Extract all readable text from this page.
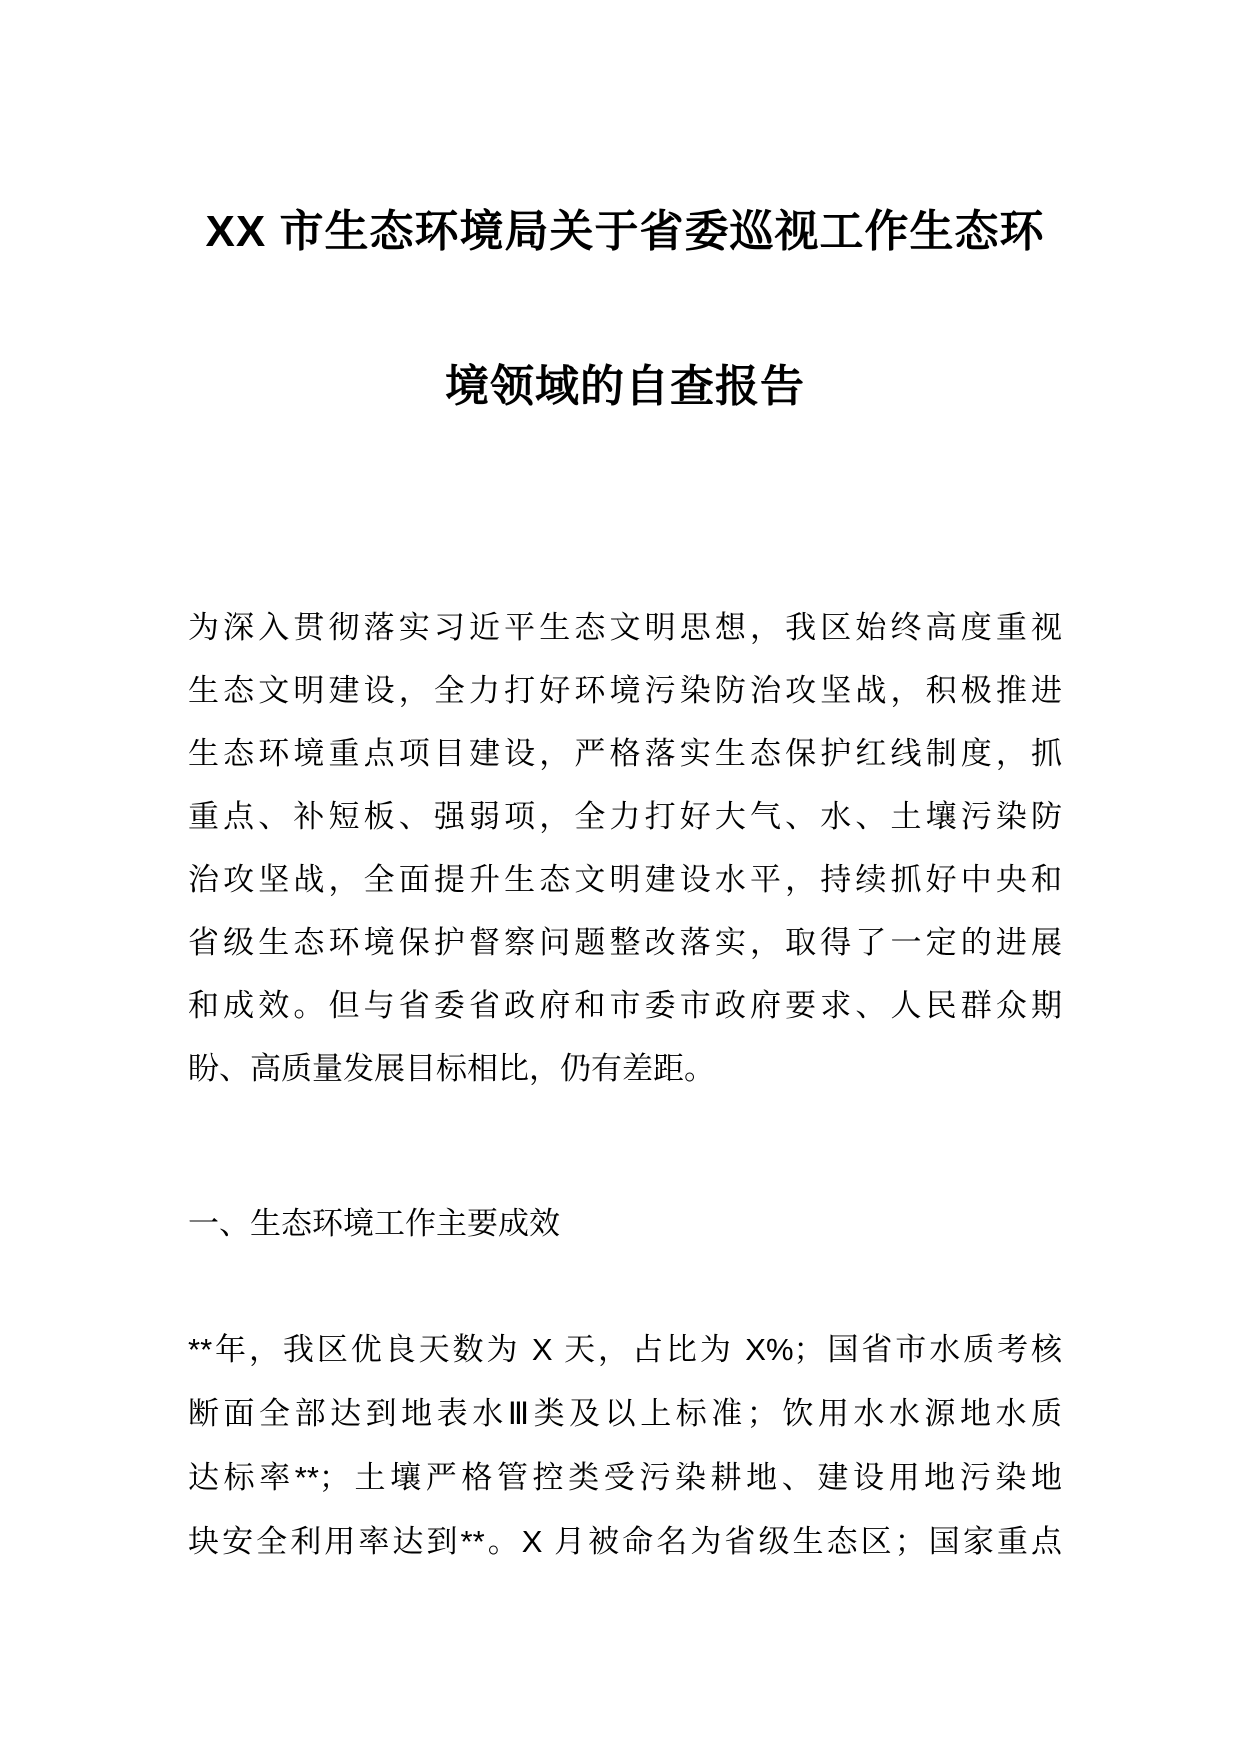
XX 市生态环境局关于省委巡视工作生态环
境领域的自查报告
为深入贯彻落实习近平生态文明思想，我区始终高度重视
生态文明建设，全力打好环境污染防治攻坚战，积极推进
生态环境重点项目建设，严格落实生态保护红线制度，抓
重点、补短板、强弱项，全力打好大气、水、土壤污染防
治攻坚战，全面提升生态文明建设水平，持续抓好中央和
省级生态环境保护督察问题整改落实，取得了一定的进展
和成效。但与省委省政府和市委市政府要求、人民群众期
盼、高质量发展目标相比，仍有差距。
一、生态环境工作主要成效
**年，我区优良天数为 X 天，占比为 X%；国省市水质考核
断面全部达到地表水Ⅲ类及以上标准；饮用水水源地水质
达标率**；土壤严格管控类受污染耕地、建设用地污染地
块安全利用率达到**。X 月被命名为省级生态区；国家重点
